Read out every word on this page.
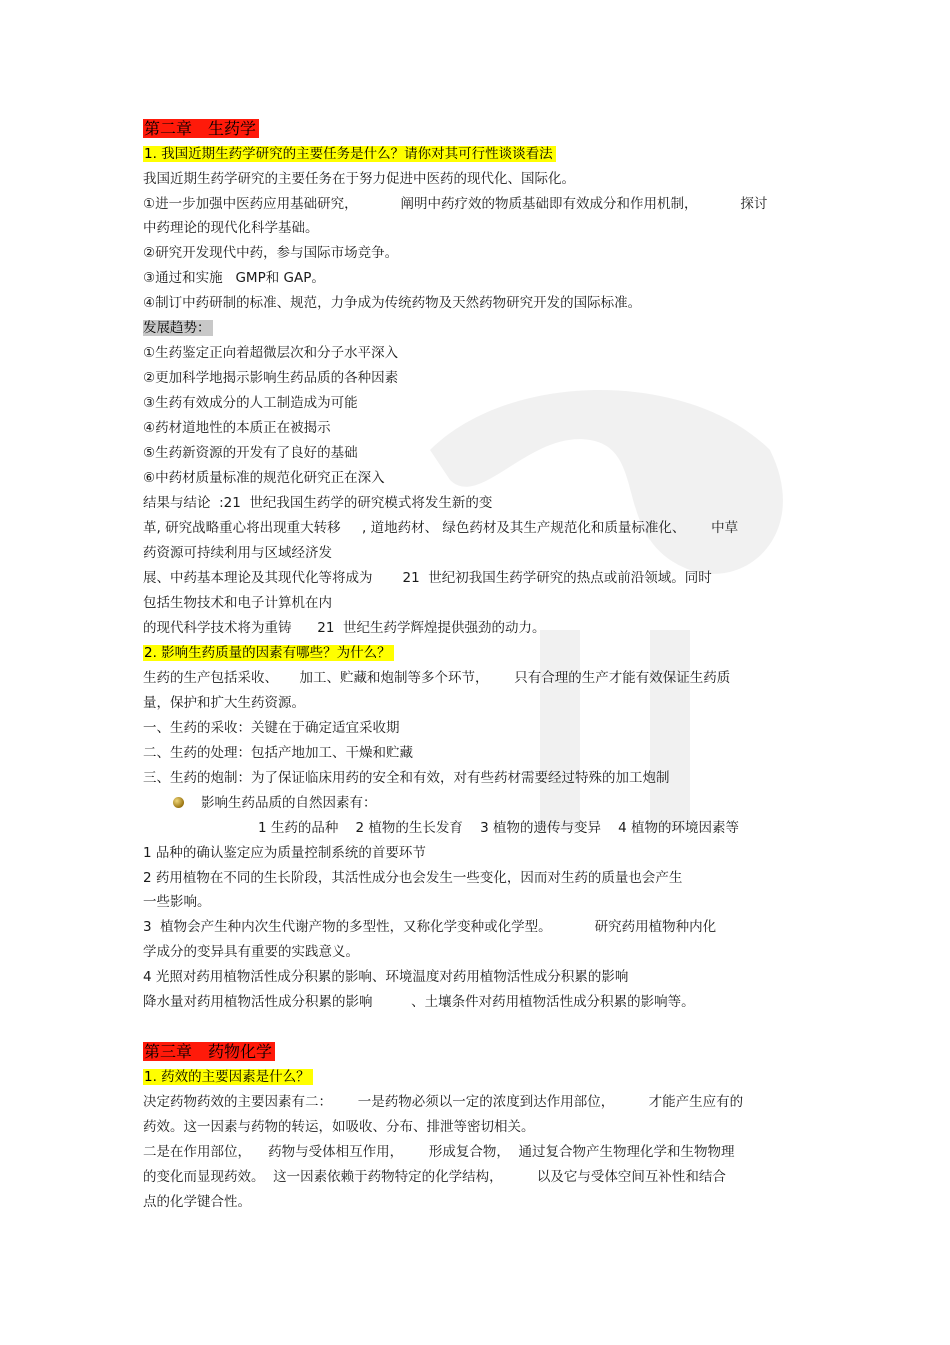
第二章　生药学
1. 我国近期生药学研究的主要任务是什么？请你对其可行性谈谈看法
我国近期生药学研究的主要任务在于努力促进中医药的现代化、国际化。
①进一步加强中医药应用基础研究，          阐明中药疗效的物质基础即有效成分和作用机制，          探讨
中药理论的现代化科学基础。
②研究开发现代中药，参与国际市场竞争。
③通过和实施   GMP和 GAP。
④制订中药研制的标准、规范，力争成为传统药物及天然药物研究开发的国际标准。
发展趋势：
①生药鉴定正向着超微层次和分子水平深入
②更加科学地揭示影响生药品质的各种因素
③生药有效成分的人工制造成为可能
④药材道地性的本质正在被揭示
⑤生药新资源的开发有了良好的基础
⑥中药材质量标准的规范化研究正在深入
结果与结论  :21  世纪我国生药学的研究模式将发生新的变
革, 研究战略重心将出现重大转移     , 道地药材、 绿色药材及其生产规范化和质量标准化、      中草
药资源可持续利用与区域经济发
展、中药基本理论及其现代化等将成为       21  世纪初我国生药学研究的热点或前沿领域。同时
包括生物技术和电子计算机在内
的现代科学技术将为重铸      21  世纪生药学辉煌提供强劲的动力。
2. 影响生药质量的因素有哪些？为什么？
生药的生产包括采收、     加工、贮藏和炮制等多个环节，      只有合理的生产才能有效保证生药质
量，保护和扩大生药资源。
一、生药的采收：关键在于确定适宜采收期
二、生药的处理：包括产地加工、干燥和贮藏
三、生药的炮制：为了保证临床用药的安全和有效，对有些药材需要经过特殊的加工炮制
影响生药品质的自然因素有：
1 生药的品种    2 植物的生长发育    3 植物的遗传与变异    4 植物的环境因素等
1 品种的确认鉴定应为质量控制系统的首要环节
2 药用植物在不同的生长阶段，其活性成分也会发生一些变化，因而对生药的质量也会产生
一些影响。
3  植物会产生种内次生代谢产物的多型性，又称化学变种或化学型。          研究药用植物种内化
学成分的变异具有重要的实践意义。
4 光照对药用植物活性成分积累的影响、环境温度对药用植物活性成分积累的影响
降水量对药用植物活性成分积累的影响         、土壤条件对药用植物活性成分积累的影响等。
第三章　药物化学
1. 药效的主要因素是什么？
决定药物药效的主要因素有二：      一是药物必须以一定的浓度到达作用部位，        才能产生应有的
药效。这一因素与药物的转运，如吸收、分布、排泄等密切相关。
二是在作用部位，    药物与受体相互作用，      形成复合物，  通过复合物产生物理化学和生物物理
的变化而显现药效。  这一因素依赖于药物特定的化学结构，        以及它与受体空间互补性和结合
点的化学键合性。
